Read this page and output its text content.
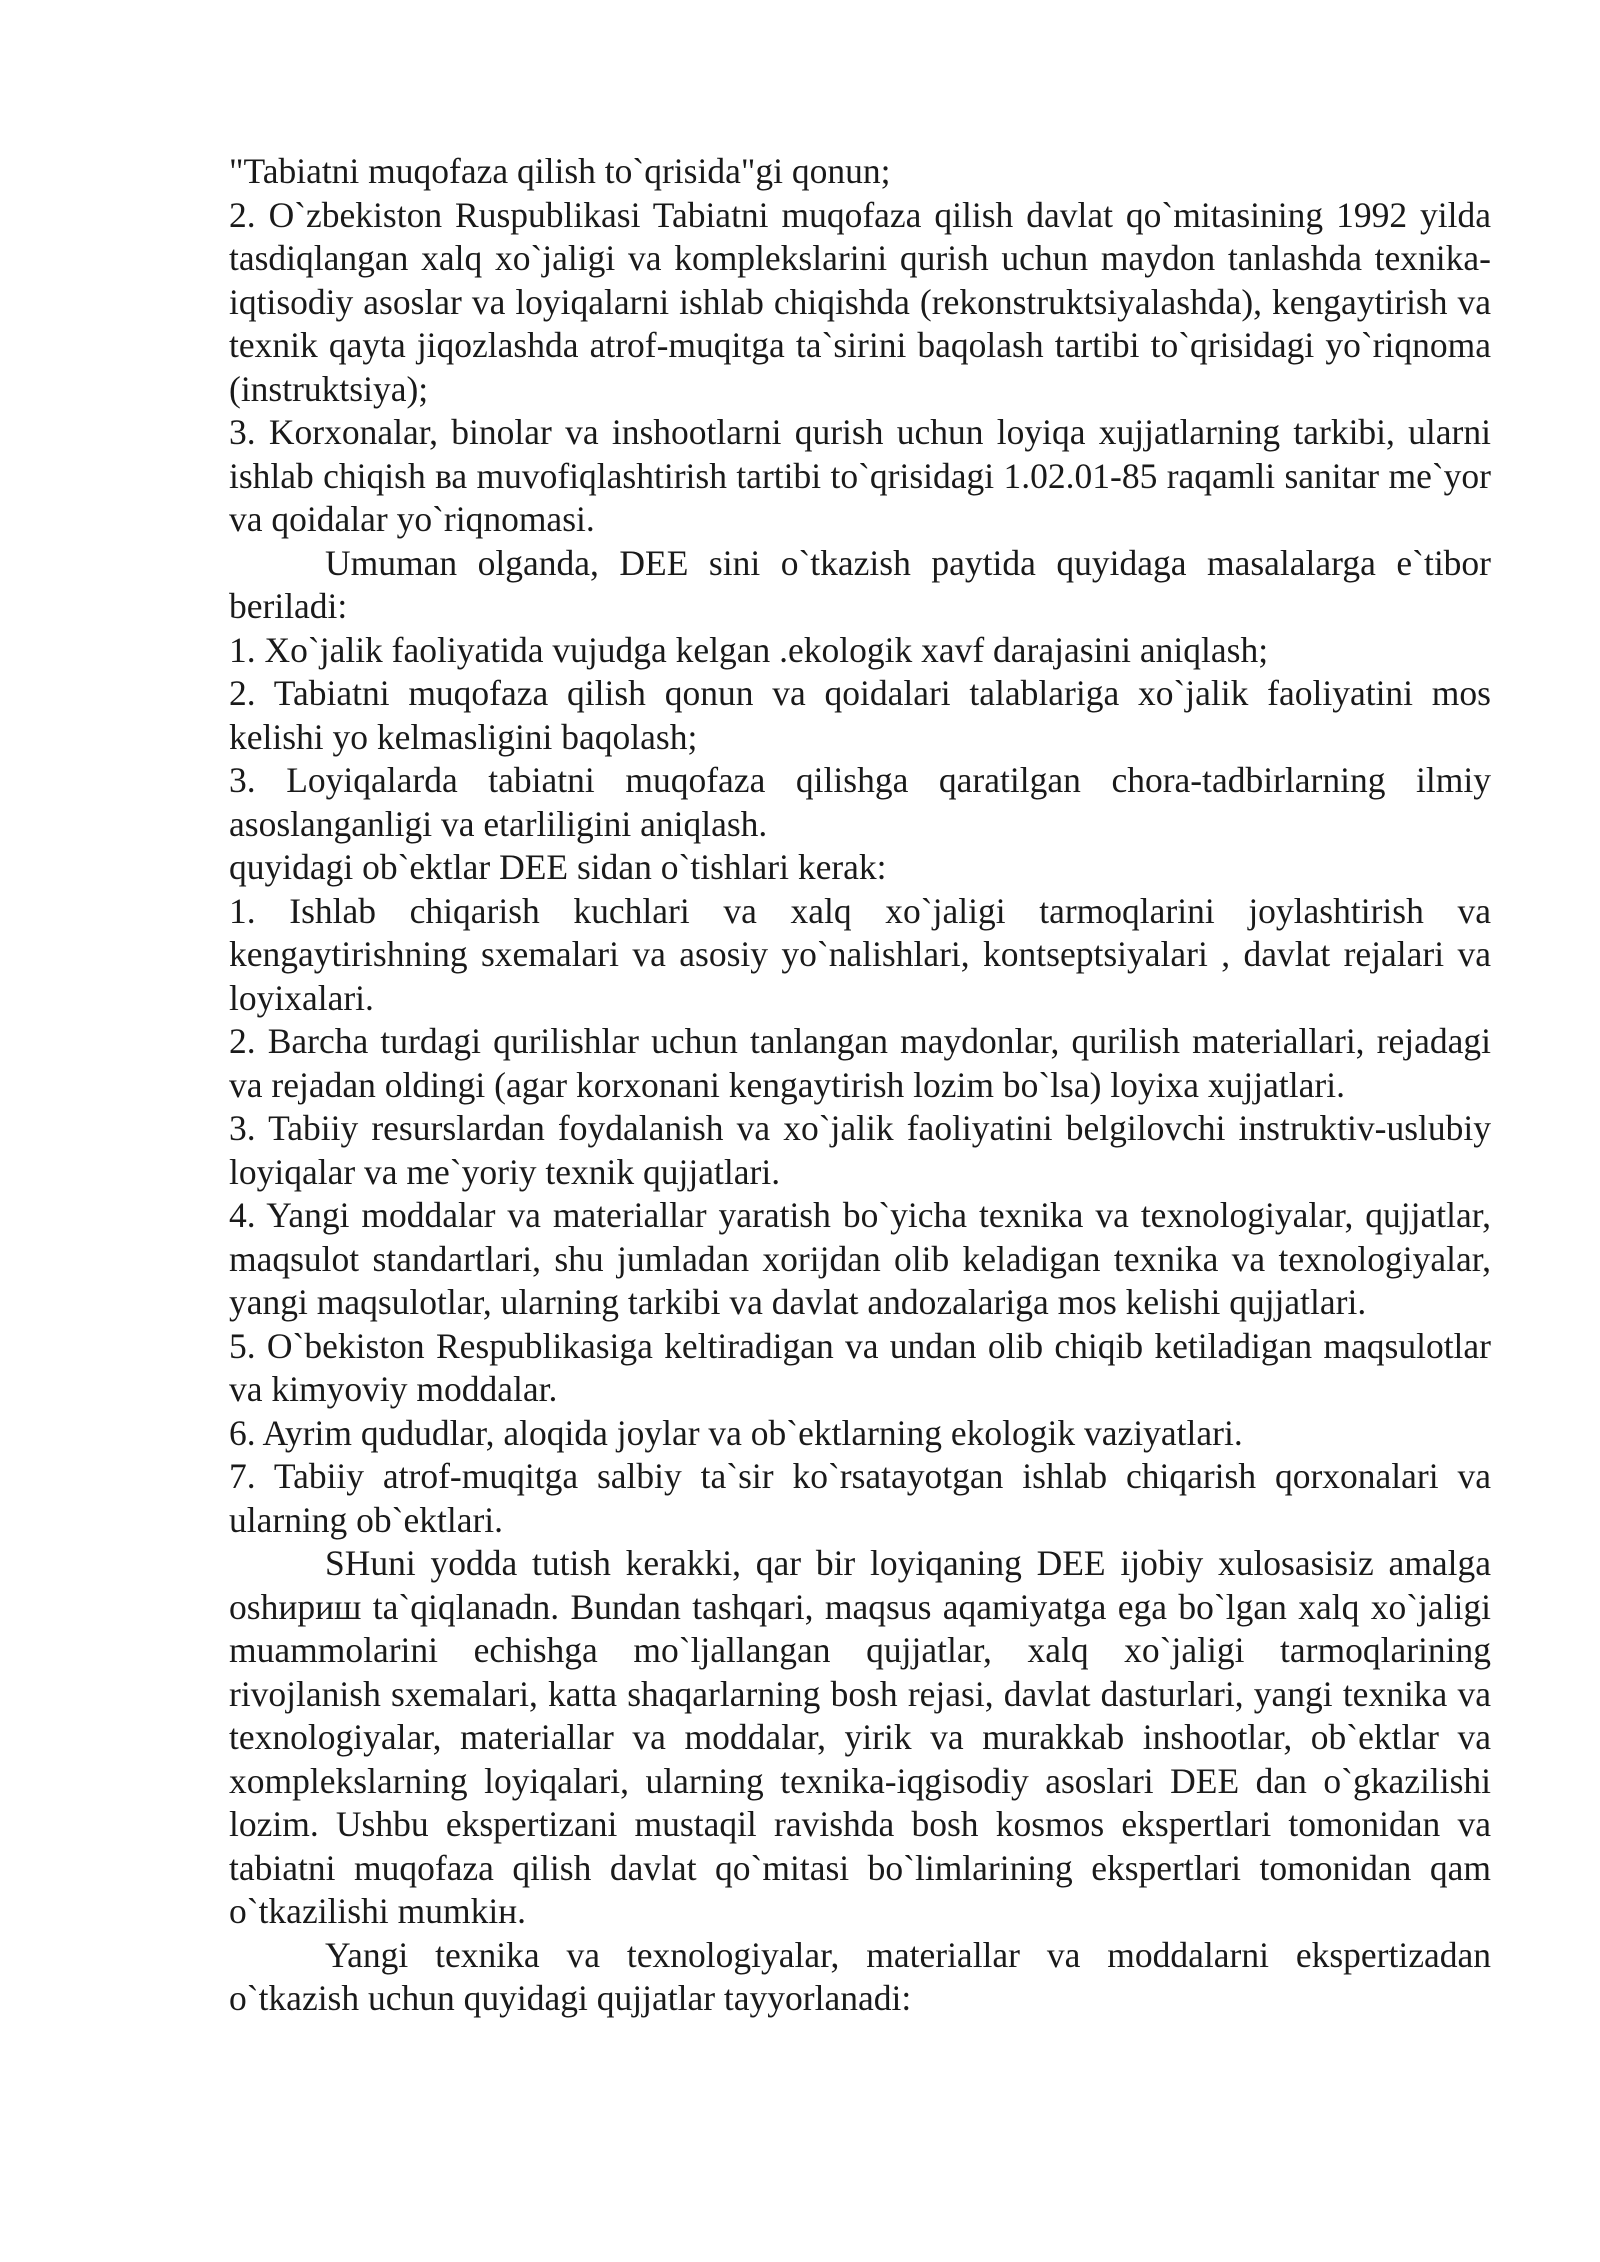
"Tabiatni muqofaza qilish to`qrisida"gi qonun;

2. O`zbekiston Ruspublikasi Tabiatni muqofaza qilish davlat qo`mitasining 1992 yilda tasdiqlangan xalq xo`jaligi va komplekslarini qurish uchun maydon tanlashda texnika-iqtisodiy asoslar va loyiqalarni ishlab chiqishda (rekonstruktsiyalashda), kengaytirish va texnik qayta jiqozlashda atrof-muqitga ta`sirini baqolash tartibi to`qrisidagi yo`riqnoma (instruktsiya);

3. Korxonalar, binolar va inshootlarni qurish uchun loyiqa xujjatlarning tarkibi, ularni ishlab chiqish ва muvofiqlashtirish tartibi to`qrisidagi 1.02.01-85 raqamli sanitar me`yor va qoidalar yo`riqnomasi.

Umuman olganda, DEE sini o`tkazish paytida quyidaga masalalarga e`tibor beriladi:

1. Xo`jalik faoliyatida vujudga kelgan .ekologik xavf darajasini aniqlash;

2. Tabiatni muqofaza qilish qonun va qoidalari talablariga xo`jalik faoliyatini mos kelishi yo kelmasligini baqolash;

3. Loyiqalarda tabiatni muqofaza qilishga qaratilgan chora-tadbirlarning ilmiy asoslanganligi va etarliligini aniqlash.

quyidagi ob`ektlar DEE sidan o`tishlari kerak:

1. Ishlab chiqarish kuchlari va xalq xo`jaligi tarmoqlarini joylashtirish va kengaytirishning sxemalari va asosiy yo`nalishlari, kontseptsiyalari , davlat rejalari va loyixalari.

2. Barcha turdagi qurilishlar uchun tanlangan maydonlar, qurilish materiallari, rejadagi va rejadan oldingi (agar korxonani kengaytirish lozim bo`lsa) loyixa xujjatlari.

3. Tabiiy resurslardan foydalanish va xo`jalik faoliyatini belgilovchi instruktiv-uslubiy loyiqalar va me`yoriy texnik qujjatlari.

4. Yangi moddalar va materiallar yaratish bo`yicha texnika va texnologiyalar, qujjatlar, maqsulot standartlari, shu jumladan xorijdan olib keladigan texnika va texnologiyalar, yangi maqsulotlar, ularning tarkibi va davlat andozalariga mos kelishi qujjatlari.

5. O`bekiston Respublikasiga keltiradigan va undan olib chiqib ketiladigan maqsulotlar va kimyoviy moddalar.

6. Ayrim qududlar, aloqida joylar va ob`ektlarning ekologik vaziyatlari.

7. Tabiiy atrof-muqitga salbiy ta`sir ko`rsatayotgan ishlab chiqarish qorxonalari va ularning ob`ektlari.

SHuni yodda tutish kerakki, qar bir loyiqaning DEE ijobiy xulosasisiz amalga oshириш ta`qiqlanadn. Bundan tashqari, maqsus aqamiyatga ega bo`lgan xalq xo`jaligi muammolarini echishga mo`ljallangan qujjatlar, xalq xo`jaligi tarmoqlarining rivojlanish sxemalari, katta shaqarlarning bosh rejasi, davlat dasturlari, yangi texnika va texnologiyalar, materiallar va moddalar, yirik va murakkab inshootlar, ob`ektlar va xomplekslarning loyiqalari, ularning texnika-iqgisodiy asoslari DEE dan o`gkazilishi lozim. Ushbu ekspertizani mustaqil ravishda bosh kosmos ekspertlari tomonidan va tabiatni muqofaza qilish davlat qo`mitasi bo`limlarining ekspertlari tomonidan qam o`tkazilishi mumkiн.

Yangi texnika va texnologiyalar, materiallar va moddalarni ekspertizadan o`tkazish uchun quyidagi qujjatlar tayyorlanadi:
